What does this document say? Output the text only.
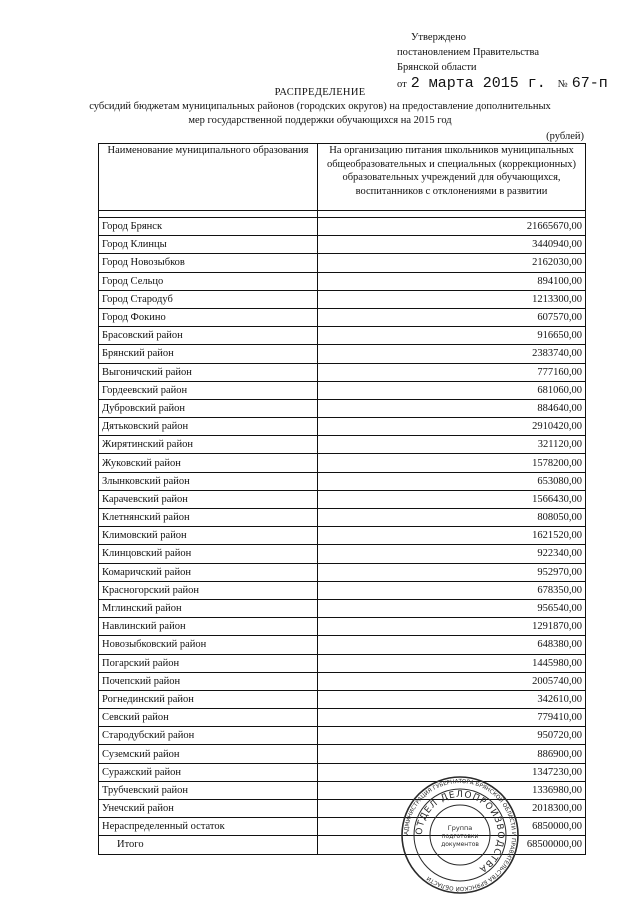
Утверждено
постановлением Правительства
Брянской области
от 2 марта 2015 г. № 67-п
РАСПРЕДЕЛЕНИЕ
субсидий бюджетам муниципальных районов (городских округов) на предоставление дополнительных
мер государственной поддержки обучающихся на 2015 год
(рублей)
Наименование муниципального образования	На организацию питания школьников муниципальных общеобразовательных и специальных (коррекционных) образовательных учреждений для обучающихся, воспитанников с отклонениями в развитии

Город Брянск	21665670,00
Город Клинцы	3440940,00
Город Новозыбков	2162030,00
Город Сельцо	894100,00
Город Стародуб	1213300,00
Город Фокино	607570,00
Брасовский район	916650,00
Брянский район	2383740,00
Выгоничский район	777160,00
Гордеевский район	681060,00
Дубровский район	884640,00
Дятьковский район	2910420,00
Жирятинский район	321120,00
Жуковский район	1578200,00
Злынковский район	653080,00
Карачевский район	1566430,00
Клетнянский район	808050,00
Климовский район	1621520,00
Клинцовский район	922340,00
Комаричский район	952970,00
Красногорский район	678350,00
Мглинский район	956540,00
Навлинский район	1291870,00
Новозыбковский район	648380,00
Погарский район	1445980,00
Почепский район	2005740,00
Рогнединский район	342610,00
Севский район	779410,00
Стародубский район	950720,00
Суземский район	886900,00
Суражский район	1347230,00
Трубчевский район	1336980,00
Унечский район	2018300,00
Нераспределенный остаток	6850000,00
Итого	68500000,00
АДМИНИСТРАЦИЯ ГУБЕРНАТОРА БРЯНСКОЙ ОБЛАСТИ И ПРАВИТЕЛЬСТВА БРЯНСКОЙ ОБЛАСТИ
ОТДЕЛ ДЕЛОПРОИЗВОДСТВА
Группа
подготовки
документов
